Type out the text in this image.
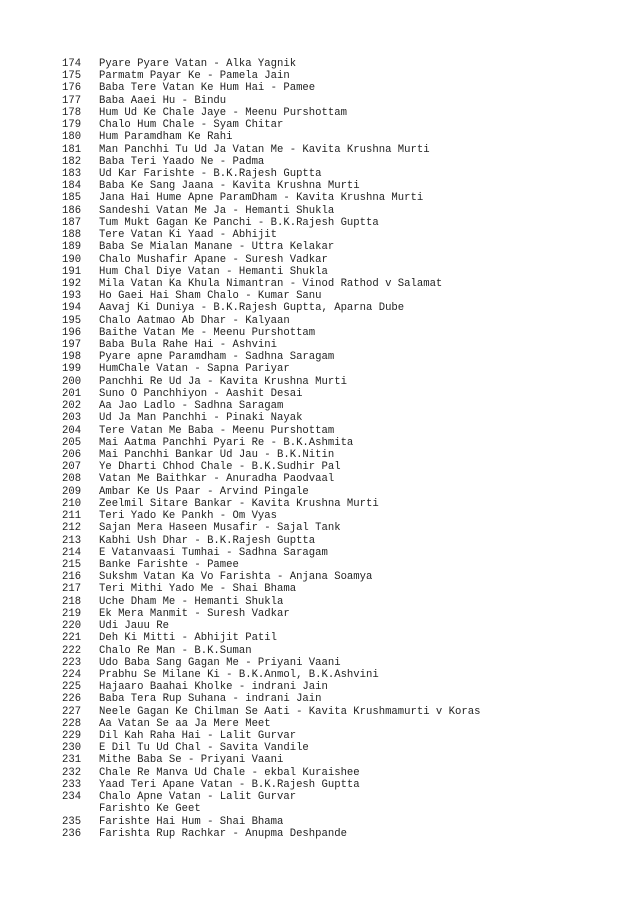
174	Pyare Pyare Vatan - Alka Yagnik
175	Parmatm Payar Ke - Pamela Jain
176	Baba Tere Vatan Ke Hum Hai - Pamee
177	Baba Aaei Hu - Bindu
178	Hum Ud Ke Chale Jaye - Meenu Purshottam
179	Chalo Hum Chale - Syam Chitar
180	Hum Paramdham Ke Rahi
181	Man Panchhi Tu Ud Ja Vatan Me - Kavita Krushna Murti
182	Baba Teri Yaado Ne - Padma
183	Ud Kar Farishte - B.K.Rajesh Guptta
184	Baba Ke Sang Jaana - Kavita Krushna Murti
185	Jana Hai Hume Apne ParamDham - Kavita Krushna Murti
186	Sandeshi Vatan Me Ja - Hemanti Shukla
187	Tum Mukt Gagan Ke Panchi - B.K.Rajesh Guptta
188	Tere Vatan Ki Yaad - Abhijit
189	Baba Se Mialan Manane - Uttra Kelakar
190	Chalo Mushafir Apane - Suresh Vadkar
191	Hum Chal Diye Vatan - Hemanti Shukla
192	Mila Vatan Ka Khula Nimantran - Vinod Rathod v Salamat
193	Ho Gaei Hai Sham Chalo - Kumar Sanu
194	Aavaj Ki Duniya - B.K.Rajesh Guptta, Aparna Dube
195	Chalo Aatmao Ab Dhar - Kalyaan
196	Baithe Vatan Me - Meenu Purshottam
197	Baba Bula Rahe Hai - Ashvini
198	Pyare apne Paramdham - Sadhna Saragam
199	HumChale Vatan - Sapna Pariyar
200	Panchhi Re Ud Ja - Kavita Krushna Murti
201	Suno O Panchhiyon - Aashit Desai
202	Aa Jao Ladlo - Sadhna Saragam
203	Ud Ja Man Panchhi - Pinaki Nayak
204	Tere Vatan Me Baba - Meenu Purshottam
205	Mai Aatma Panchhi Pyari Re - B.K.Ashmita
206	Mai Panchhi Bankar Ud Jau - B.K.Nitin
207	Ye Dharti Chhod Chale - B.K.Sudhir Pal
208	Vatan Me Baithkar - Anuradha Paodvaal
209	Ambar Ke Us Paar - Arvind Pingale
210	Zeelmil Sitare Bankar - Kavita Krushna Murti
211	Teri Yado Ke Pankh - Om Vyas
212	Sajan Mera Haseen Musafir - Sajal Tank
213	Kabhi Ush Dhar - B.K.Rajesh Guptta
214	E Vatanvaasi Tumhai - Sadhna Saragam
215	Banke Farishte - Pamee
216	Sukshm Vatan Ka Vo Farishta - Anjana Soamya
217	Teri Mithi Yado Me - Shai Bhama
218	Uche Dham Me - Hemanti Shukla
219	Ek Mera Manmit - Suresh Vadkar
220	Udi Jauu Re
221	Deh Ki Mitti - Abhijit Patil
222	Chalo Re Man - B.K.Suman
223	Udo Baba Sang Gagan Me - Priyani Vaani
224	Prabhu Se Milane Ki - B.K.Anmol, B.K.Ashvini
225	Hajaaro Baahai Kholke - indrani Jain
226	Baba Tera Rup Suhana - indrani Jain
227	Neele Gagan Ke Chilman Se Aati - Kavita Krushmamurti v Koras
228	Aa Vatan Se aa Ja Mere Meet
229	Dil Kah Raha Hai - Lalit Gurvar
230	E Dil Tu Ud Chal - Savita Vandile
231	Mithe Baba Se - Priyani Vaani
232	Chale Re Manva Ud Chale - ekbal Kuraishee
233	Yaad Teri Apane Vatan - B.K.Rajesh Guptta
234	Chalo Apne Vatan - Lalit Gurvar
Farishto Ke Geet
235	Farishte Hai Hum - Shai Bhama
236	Farishta Rup Rachkar - Anupma Deshpande
